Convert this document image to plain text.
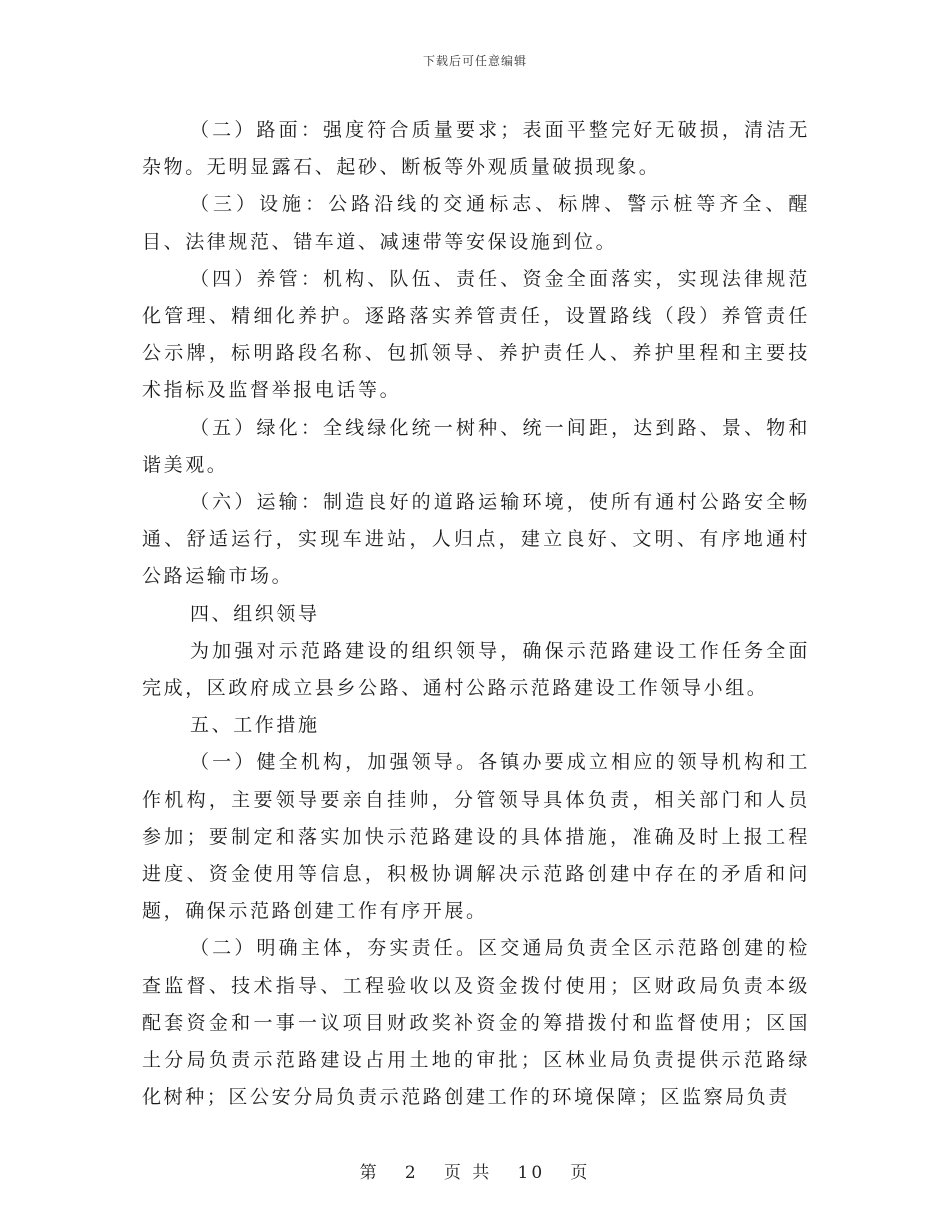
下载后可任意编辑

（二）路面：强度符合质量要求；表面平整完好无破损，清洁无杂物。无明显露石、起砂、断板等外观质量破损现象。

（三）设施：公路沿线的交通标志、标牌、警示桩等齐全、醒目、法律规范、错车道、减速带等安保设施到位。

（四）养管：机构、队伍、责任、资金全面落实，实现法律规范化管理、精细化养护。逐路落实养管责任，设置路线（段）养管责任公示牌，标明路段名称、包抓领导、养护责任人、养护里程和主要技术指标及监督举报电话等。

（五）绿化：全线绿化统一树种、统一间距，达到路、景、物和谐美观。

（六）运输：制造良好的道路运输环境，使所有通村公路安全畅通、舒适运行，实现车进站，人归点，建立良好、文明、有序地通村公路运输市场。

四、组织领导

为加强对示范路建设的组织领导，确保示范路建设工作任务全面完成，区政府成立县乡公路、通村公路示范路建设工作领导小组。

五、工作措施

（一）健全机构，加强领导。各镇办要成立相应的领导机构和工作机构，主要领导要亲自挂帅，分管领导具体负责，相关部门和人员参加；要制定和落实加快示范路建设的具体措施，准确及时上报工程进度、资金使用等信息，积极协调解决示范路创建中存在的矛盾和问题，确保示范路创建工作有序开展。

（二）明确主体，夯实责任。区交通局负责全区示范路创建的检查监督、技术指导、工程验收以及资金拨付使用；区财政局负责本级配套资金和一事一议项目财政奖补资金的筹措拨付和监督使用；区国土分局负责示范路建设占用土地的审批；区林业局负责提供示范路绿化树种；区公安分局负责示范路创建工作的环境保障；区监察局负责

第 2 页 共 10 页
